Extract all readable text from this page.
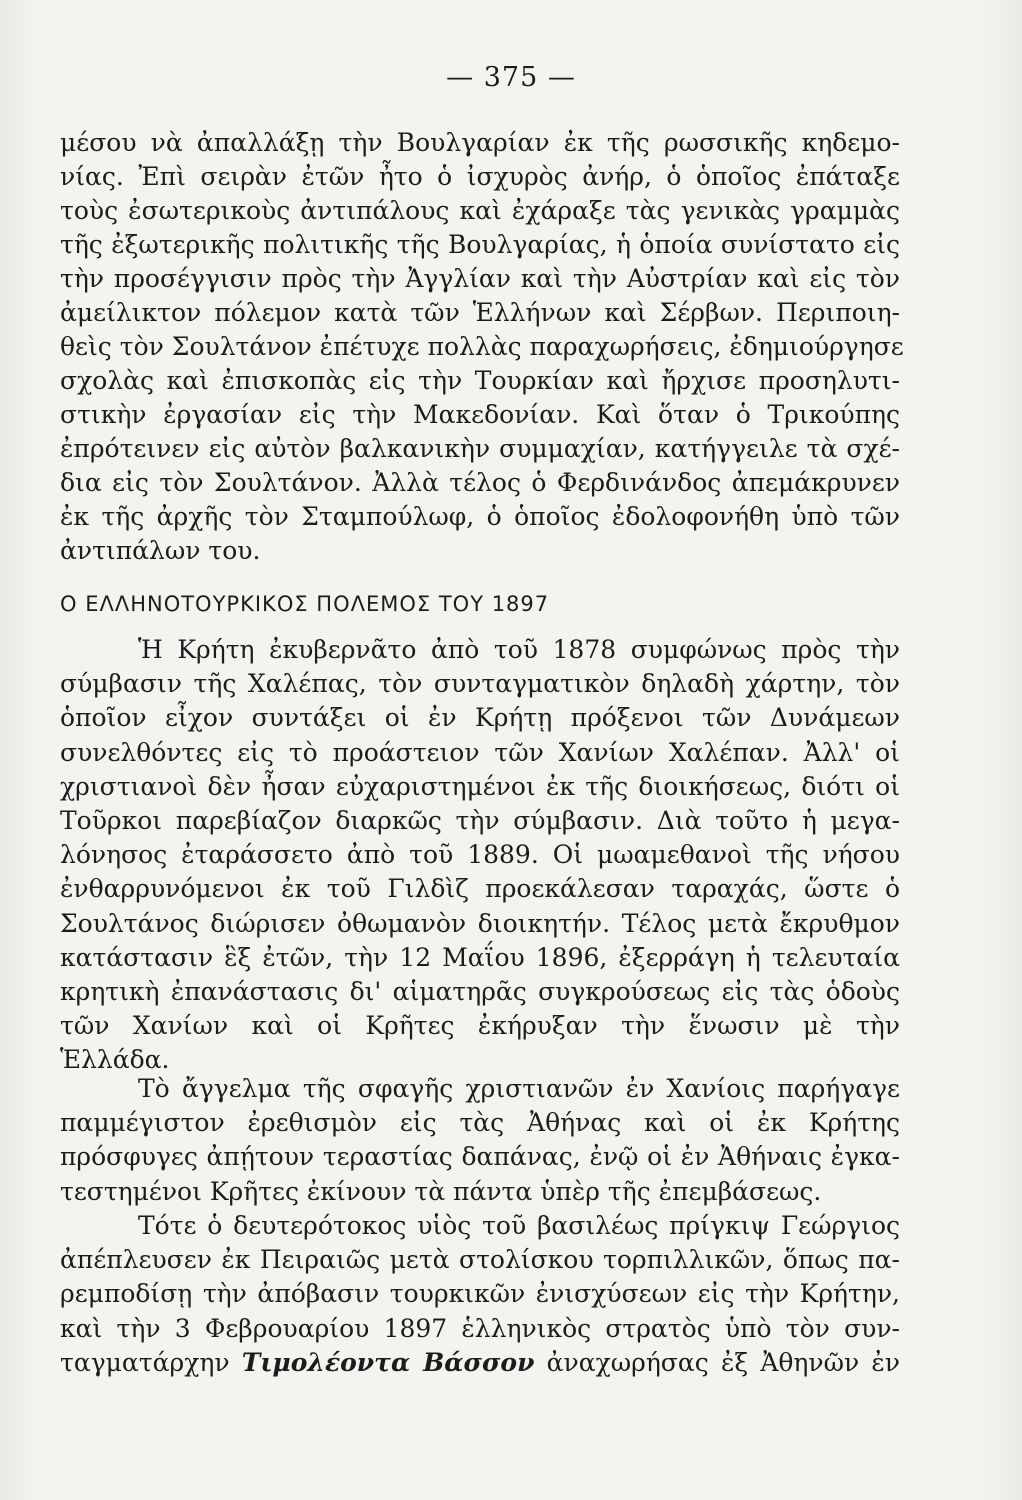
— 375 —
μέσου νὰ ἀπαλλάξῃ τὴν Βουλγαρίαν ἐκ τῆς ρωσσικῆς κηδεμο-
νίας. Ἐπὶ σειρὰν ἐτῶν ἦτο ὁ ἰσχυρὸς ἀνήρ, ὁ ὁποῖος ἐπάταξε
τοὺς ἐσωτερικοὺς ἀντιπάλους καὶ ἐχάραξε τὰς γενικὰς γραμμὰς
τῆς ἐξωτερικῆς πολιτικῆς τῆς Βουλγαρίας, ἡ ὁποία συνίστατο εἰς
τὴν προσέγγισιν πρὸς τὴν Ἀγγλίαν καὶ τὴν Αὐστρίαν καὶ εἰς τὸν
ἀμείλικτον πόλεμον κατὰ τῶν Ἑλλήνων καὶ Σέρβων. Περιποιη-
θεὶς τὸν Σουλτάνον ἐπέτυχε πολλὰς παραχωρήσεις, ἐδημιούργησε
σχολὰς καὶ ἐπισκοπὰς εἰς τὴν Τουρκίαν καὶ ἤρχισε προσηλυτι-
στικὴν ἐργασίαν εἰς τὴν Μακεδονίαν. Καὶ ὅταν ὁ Τρικούπης
ἐπρότεινεν εἰς αὐτὸν βαλκανικὴν συμμαχίαν, κατήγγειλε τὰ σχέ-
δια εἰς τὸν Σουλτάνον. Ἀλλὰ τέλος ὁ Φερδινάνδος ἀπεμάκρυνεν
ἐκ τῆς ἀρχῆς τὸν Σταμπούλωφ, ὁ ὁποῖος ἐδολοφονήθη ὑπὸ τῶν
ἀντιπάλων του.
Ο ΕΛΛΗΝΟΤΟΥΡΚΙΚΟΣ ΠΟΛΕΜΟΣ ΤΟΥ 1897
Ἡ Κρήτη ἐκυβερνᾶτο ἀπὸ τοῦ 1878 συμφώνως πρὸς τὴν
σύμβασιν τῆς Χαλέπας, τὸν συνταγματικὸν δηλαδὴ χάρτην, τὸν
ὁποῖον εἶχον συντάξει οἱ ἐν Κρήτῃ πρόξενοι τῶν Δυνάμεων
συνελθόντες εἰς τὸ προάστειον τῶν Χανίων Χαλέπαν. Ἀλλ' οἱ
χριστιανοὶ δὲν ἦσαν εὐχαριστημένοι ἐκ τῆς διοικήσεως, διότι οἱ
Τοῦρκοι παρεβίαζον διαρκῶς τὴν σύμβασιν. Διὰ τοῦτο ἡ μεγα-
λόνησος ἐταράσσετο ἀπὸ τοῦ 1889. Οἱ μωαμεθανοὶ τῆς νήσου
ἐνθαρρυνόμενοι ἐκ τοῦ Γιλδὶζ προεκάλεσαν ταραχάς, ὥστε ὁ
Σουλτάνος διώρισεν ὀθωμανὸν διοικητήν. Τέλος μετὰ ἔκρυθμον
κατάστασιν ἓξ ἐτῶν, τὴν 12 Μαΐου 1896, ἐξερράγη ἡ τελευταία
κρητικὴ ἐπανάστασις δι' αἱματηρᾶς συγκρούσεως εἰς τὰς ὁδοὺς
τῶν Χανίων καὶ οἱ Κρῆτες ἐκήρυξαν τὴν ἕνωσιν μὲ τὴν
Ἑλλάδα.
Τὸ ἄγγελμα τῆς σφαγῆς χριστιανῶν ἐν Χανίοις παρήγαγε
παμμέγιστον ἐρεθισμὸν εἰς τὰς Ἀθήνας καὶ οἱ ἐκ Κρήτης
πρόσφυγες ἀπῄτουν τεραστίας δαπάνας, ἐνῷ οἱ ἐν Ἀθήναις ἐγκα-
τεστημένοι Κρῆτες ἐκίνουν τὰ πάντα ὑπὲρ τῆς ἐπεμβάσεως.
Τότε ὁ δευτερότοκος υἱὸς τοῦ βασιλέως πρίγκιψ Γεώργιος
ἀπέπλευσεν ἐκ Πειραιῶς μετὰ στολίσκου τορπιλλικῶν, ὅπως πα-
ρεμποδίσῃ τὴν ἀπόβασιν τουρκικῶν ἐνισχύσεων εἰς τὴν Κρήτην,
καὶ τὴν 3 Φεβρουαρίου 1897 ἑλληνικὸς στρατὸς ὑπὸ τὸν συν-
ταγματάρχην Τιμολέοντα Βάσσον ἀναχωρήσας ἐξ Ἀθηνῶν ἐν
